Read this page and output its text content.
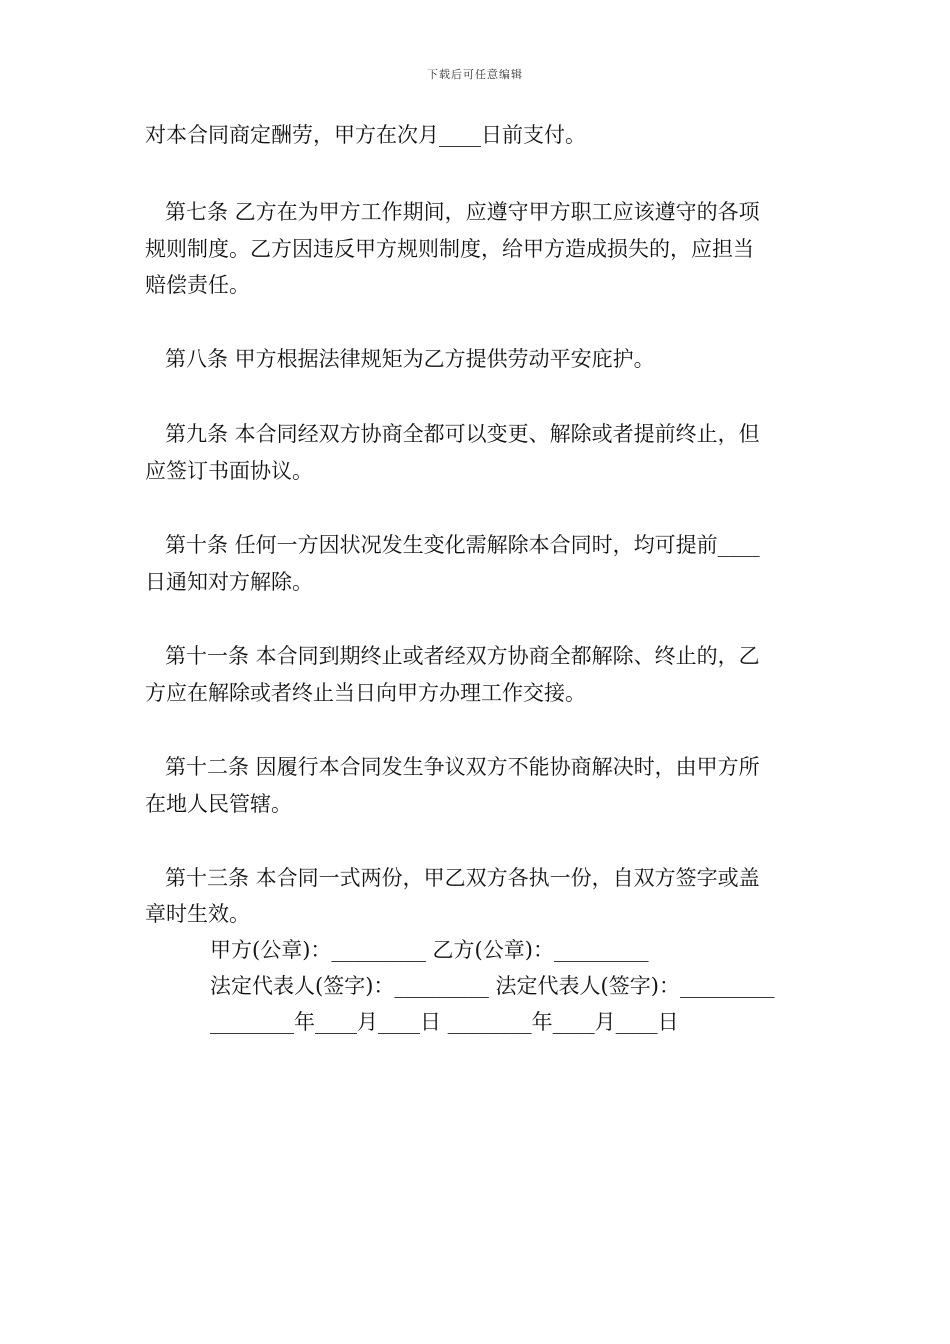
下载后可任意编辑
对本合同商定酬劳，甲方在次月____日前支付。
第七条 乙方在为甲方工作期间，应遵守甲方职工应该遵守的各项
规则制度。乙方因违反甲方规则制度，给甲方造成损失的，应担当
赔偿责任。
第八条 甲方根据法律规矩为乙方提供劳动平安庇护。
第九条 本合同经双方协商全都可以变更、解除或者提前终止，但
应签订书面协议。
第十条 任何一方因状况发生变化需解除本合同时，均可提前____
日通知对方解除。
第十一条 本合同到期终止或者经双方协商全都解除、终止的，乙
方应在解除或者终止当日向甲方办理工作交接。
第十二条 因履行本合同发生争议双方不能协商解决时，由甲方所
在地人民管辖。
第十三条 本合同一式两份，甲乙双方各执一份，自双方签字或盖
章时生效。
甲方(公章)：_________ 乙方(公章)：_________
法定代表人(签字)：_________ 法定代表人(签字)：_________
________年____月____日 ________年____月____日
